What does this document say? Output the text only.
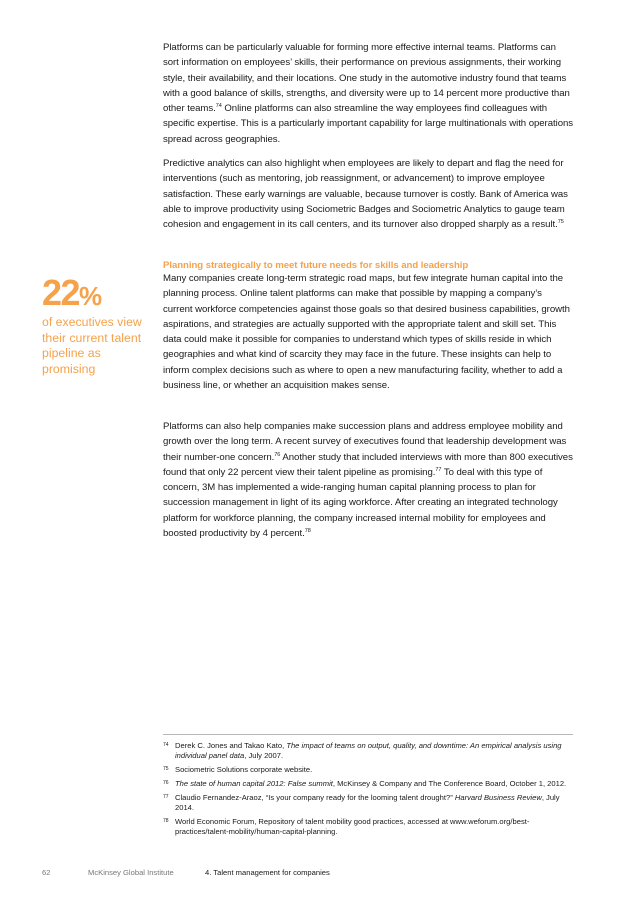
Platforms can be particularly valuable for forming more effective internal teams. Platforms can sort information on employees’ skills, their performance on previous assignments, their working style, their availability, and their locations. One study in the automotive industry found that teams with a good balance of skills, strengths, and diversity were up to 14 percent more productive than other teams.$^{74}$ Online platforms can also streamline the way employees find colleagues with specific expertise. This is a particularly important capability for large multinationals with operations spread across geographies.

Predictive analytics can also highlight when employees are likely to depart and flag the need for interventions (such as mentoring, job reassignment, or advancement) to improve employee satisfaction. These early warnings are valuable, because turnover is costly. Bank of America was able to improve productivity using Sociometric Badges and Sociometric Analytics to gauge team cohesion and engagement in its call centers, and its turnover also dropped sharply as a result.$^{75}$

Planning strategically to meet future needs for skills and leadership

Many companies create long-term strategic road maps, but few integrate human capital into the planning process. Online talent platforms can make that possible by mapping a company’s current workforce competencies against those goals so that desired business capabilities, growth aspirations, and strategies are actually supported with the appropriate talent and skill set. This data could make it possible for companies to understand which types of skills reside in which geographies and what kind of scarcity they may face in the future. These insights can help to inform complex decisions such as where to open a new manufacturing facility, whether to add a business line, or whether an acquisition makes sense.

Platforms can also help companies make succession plans and address employee mobility and growth over the long term. A recent survey of executives found that leadership development was their number-one concern.$^{76}$ Another study that included interviews with more than 800 executives found that only 22 percent view their talent pipeline as promising.$^{77}$ To deal with this type of concern, 3M has implemented a wide-ranging human capital planning process to plan for succession management in light of its aging workforce. After creating an integrated technology platform for workforce planning, the company increased internal mobility for employees and boosted productivity by 4 percent.$^{78}$

22%
of executives view their current talent pipeline as promising
74 Derek C. Jones and Takao Kato, The impact of teams on output, quality, and downtime: An empirical analysis using individual panel data, July 2007.
75 Sociometric Solutions corporate website.
76 The state of human capital 2012: False summit, McKinsey & Company and The Conference Board, October 1, 2012.
77 Claudio Fernandez-Araoz, “Is your company ready for the looming talent drought?” Harvard Business Review, July 2014.
78 World Economic Forum, Repository of talent mobility good practices, accessed at www.weforum.org/best-practices/talent-mobility/human-capital-planning.
62	McKinsey Global Institute	4. Talent management for companies
